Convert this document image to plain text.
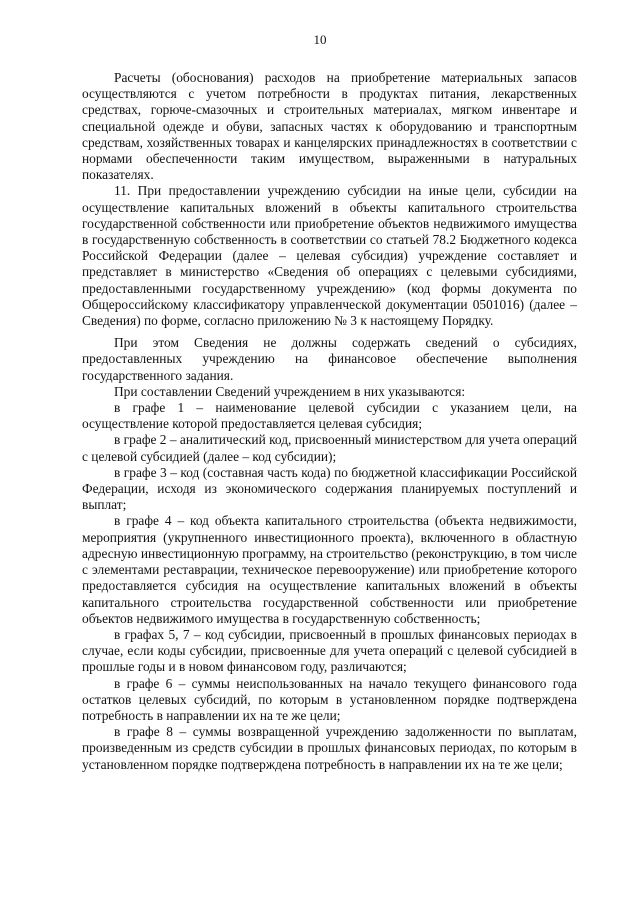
10

Расчеты (обоснования) расходов на приобретение материальных запасов осуществляются с учетом потребности в продуктах питания, лекарственных средствах, горюче-смазочных и строительных материалах, мягком инвентаре и специальной одежде и обуви, запасных частях к оборудованию и транспортным средствам, хозяйственных товарах и канцелярских принадлежностях в соответствии с нормами обеспеченности таким имуществом, выраженными в натуральных показателях.

11. При предоставлении учреждению субсидии на иные цели, субсидии на осуществление капитальных вложений в объекты капитального строительства государственной собственности или приобретение объектов недвижимого имущества в государственную собственность в соответствии со статьей 78.2 Бюджетного кодекса Российской Федерации (далее – целевая субсидия) учреждение составляет и представляет в министерство «Сведения об операциях с целевыми субсидиями, предоставленными государственному учреждению» (код формы документа по Общероссийскому классификатору управленческой документации 0501016) (далее – Сведения) по форме, согласно приложению № 3 к настоящему Порядку.

При этом Сведения не должны содержать сведений о субсидиях, предоставленных учреждению на финансовое обеспечение выполнения государственного задания.

При составлении Сведений учреждением в них указываются:

в графе 1 – наименование целевой субсидии с указанием цели, на осуществление которой предоставляется целевая субсидия;

в графе 2 – аналитический код, присвоенный министерством для учета операций с целевой субсидией (далее – код субсидии);

в графе 3 – код (составная часть кода) по бюджетной классификации Российской Федерации, исходя из экономического содержания планируемых поступлений и выплат;

в графе 4 – код объекта капитального строительства (объекта недвижимости, мероприятия (укрупненного инвестиционного проекта), включенного в областную адресную инвестиционную программу, на строительство (реконструкцию, в том числе с элементами реставрации, техническое перевооружение) или приобретение которого предоставляется субсидия на осуществление капитальных вложений в объекты капитального строительства государственной собственности или приобретение объектов недвижимого имущества в государственную собственность;

в графах 5, 7 – код субсидии, присвоенный в прошлых финансовых периодах в случае, если коды субсидии, присвоенные для учета операций с целевой субсидией в прошлые годы и в новом финансовом году, различаются;

в графе 6 – суммы неиспользованных на начало текущего финансового года остатков целевых субсидий, по которым в установленном порядке подтверждена потребность в направлении их на те же цели;

в графе 8 – суммы возвращенной учреждению задолженности по выплатам, произведенным из средств субсидии в прошлых финансовых периодах, по которым в установленном порядке подтверждена потребность в направлении их на те же цели;
